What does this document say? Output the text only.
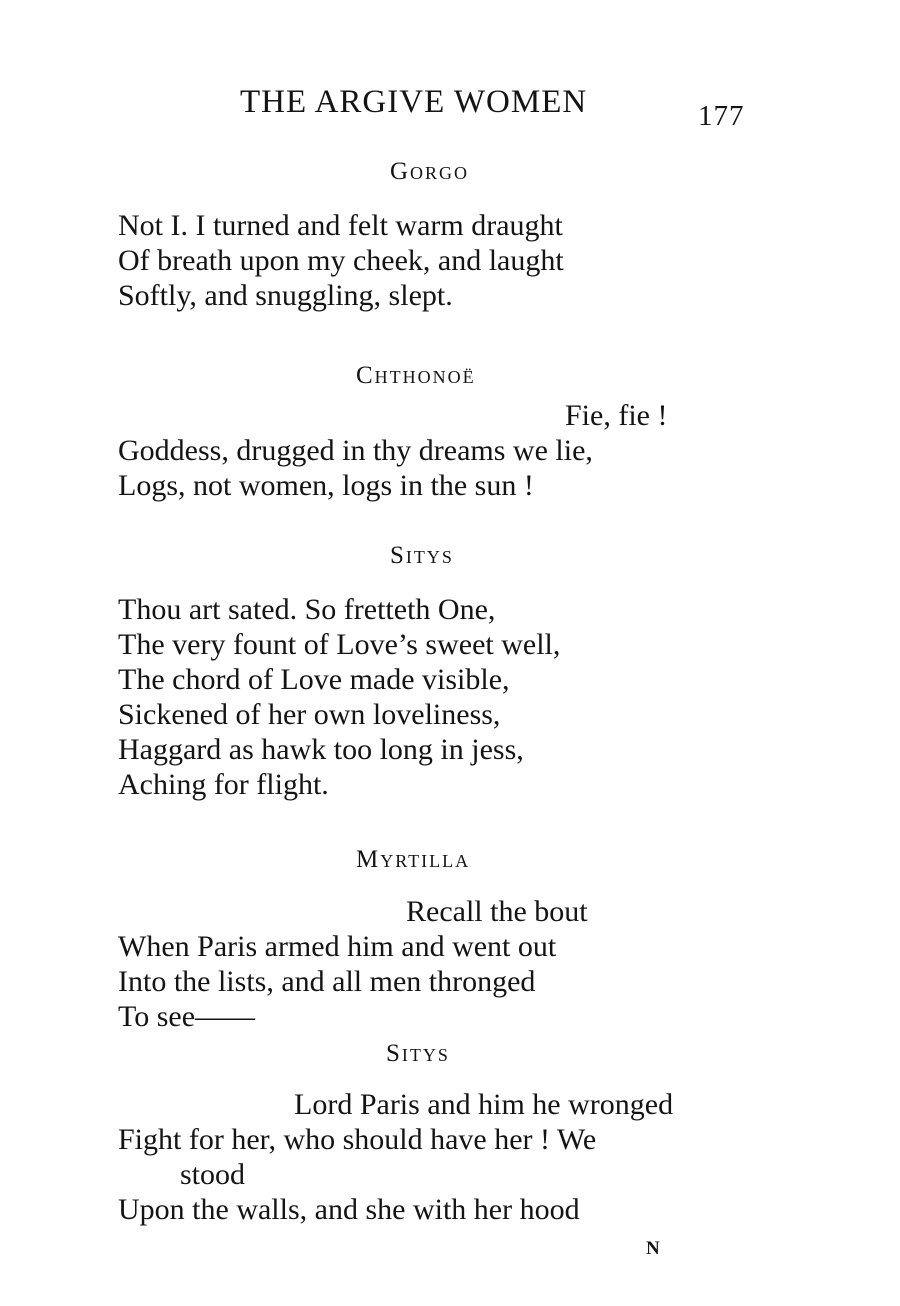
THE ARGIVE WOMEN	177
Gorgo
Not I. I turned and felt warm draught
Of breath upon my cheek, and laught
Softly, and snuggling, slept.
Chthonoë
Fie, fie !
Goddess, drugged in thy dreams we lie,
Logs, not women, logs in the sun !
Sitys
Thou art sated. So fretteth One,
The very fount of Love’s sweet well,
The chord of Love made visible,
Sickened of her own loveliness,
Haggard as hawk too long in jess,
Aching for flight.
Myrtilla
Recall the bout
When Paris armed him and went out
Into the lists, and all men thronged
To see——
Sitys
Lord Paris and him he wronged
Fight for her, who should have her ! We
stood
Upon the walls, and she with her hood
N
